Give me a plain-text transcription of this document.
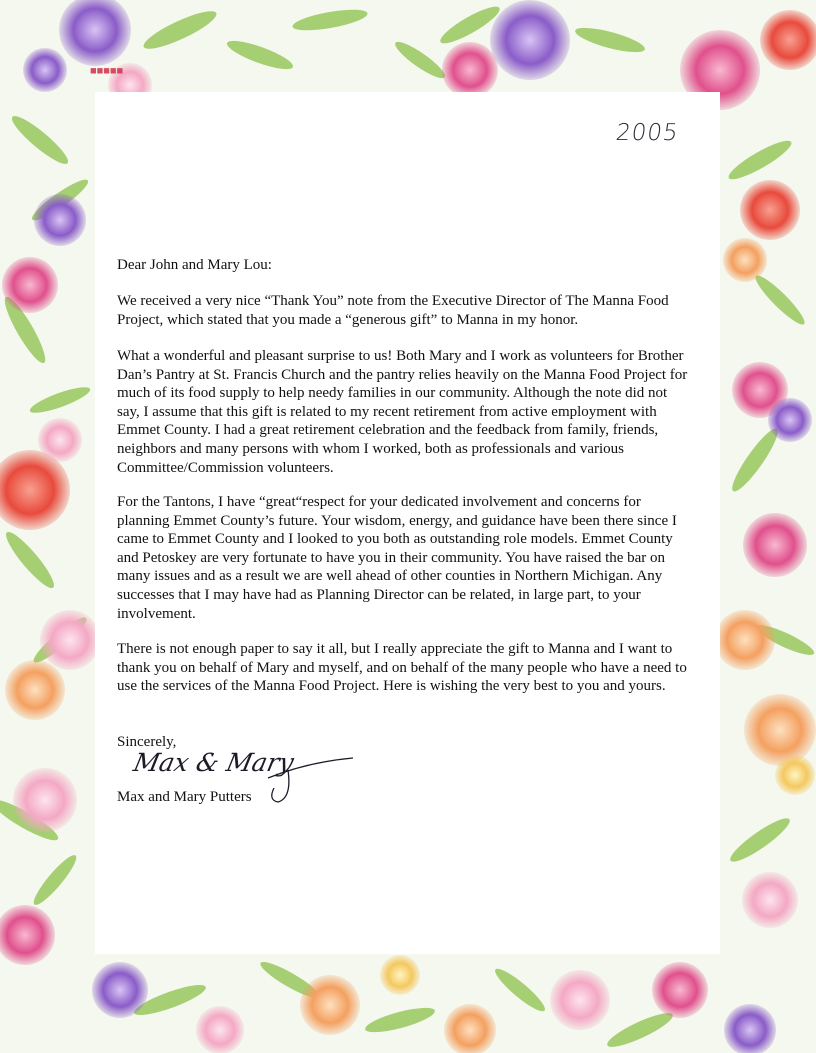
■■■■■
2005

Dear John and Mary Lou:

We received a very nice “Thank You” note from the Executive Director of The Manna Food Project, which stated that you made a “generous gift” to Manna in my honor.

What a wonderful and pleasant surprise to us! Both Mary and I work as volunteers for Brother Dan’s Pantry at St. Francis Church and the pantry relies heavily on the Manna Food Project for much of its food supply to help needy families in our community. Although the note did not say, I assume that this gift is related to my recent retirement from active employment with Emmet County. I had a great retirement celebration and the feedback from family, friends, neighbors and many persons with whom I worked, both as professionals and various Committee/Commission volunteers.

For the Tantons, I have “great“respect for your dedicated involvement and concerns for planning Emmet County’s future. Your wisdom, energy, and guidance have been there since I came to Emmet County and I looked to you both as outstanding role models. Emmet County and Petoskey are very fortunate to have you in their community. You have raised the bar on many issues and as a result we are well ahead of other counties in Northern Michigan. Any successes that I may have had as Planning Director can be related, in large part, to your involvement.

There is not enough paper to say it all, but I really appreciate the gift to Manna and I want to thank you on behalf of Mary and myself, and on behalf of the many people who have a need to use the services of the Manna Food Project. Here is wishing the very best to you and yours.

Sincerely,

Max & Mary

Max and Mary Putters
